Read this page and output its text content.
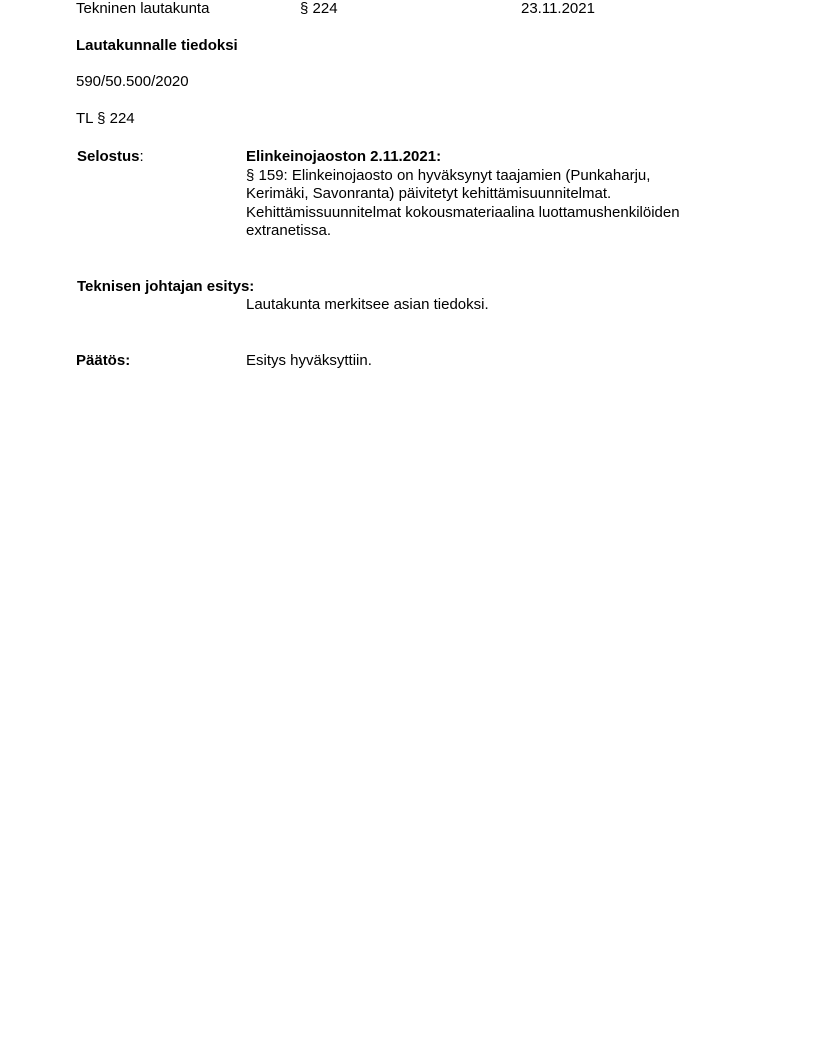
Tekninen lautakunta	§ 224	23.11.2021
Lautakunnalle tiedoksi
590/50.500/2020
TL § 224
Selostus:	Elinkeinojaoston 2.11.2021:

§ 159: Elinkeinojaosto on hyväksynyt taajamien (Punkaharju,

Kerimäki, Savonranta) päivitetyt kehittämisuunnitelmat.

Kehittämissuunnitelmat kokousmateriaalina luottamushenkilöiden

extranetissa.

Teknisen johtajan esitys:
Lautakunta merkitsee asian tiedoksi.
Päätös:	Esitys hyväksyttiin.
